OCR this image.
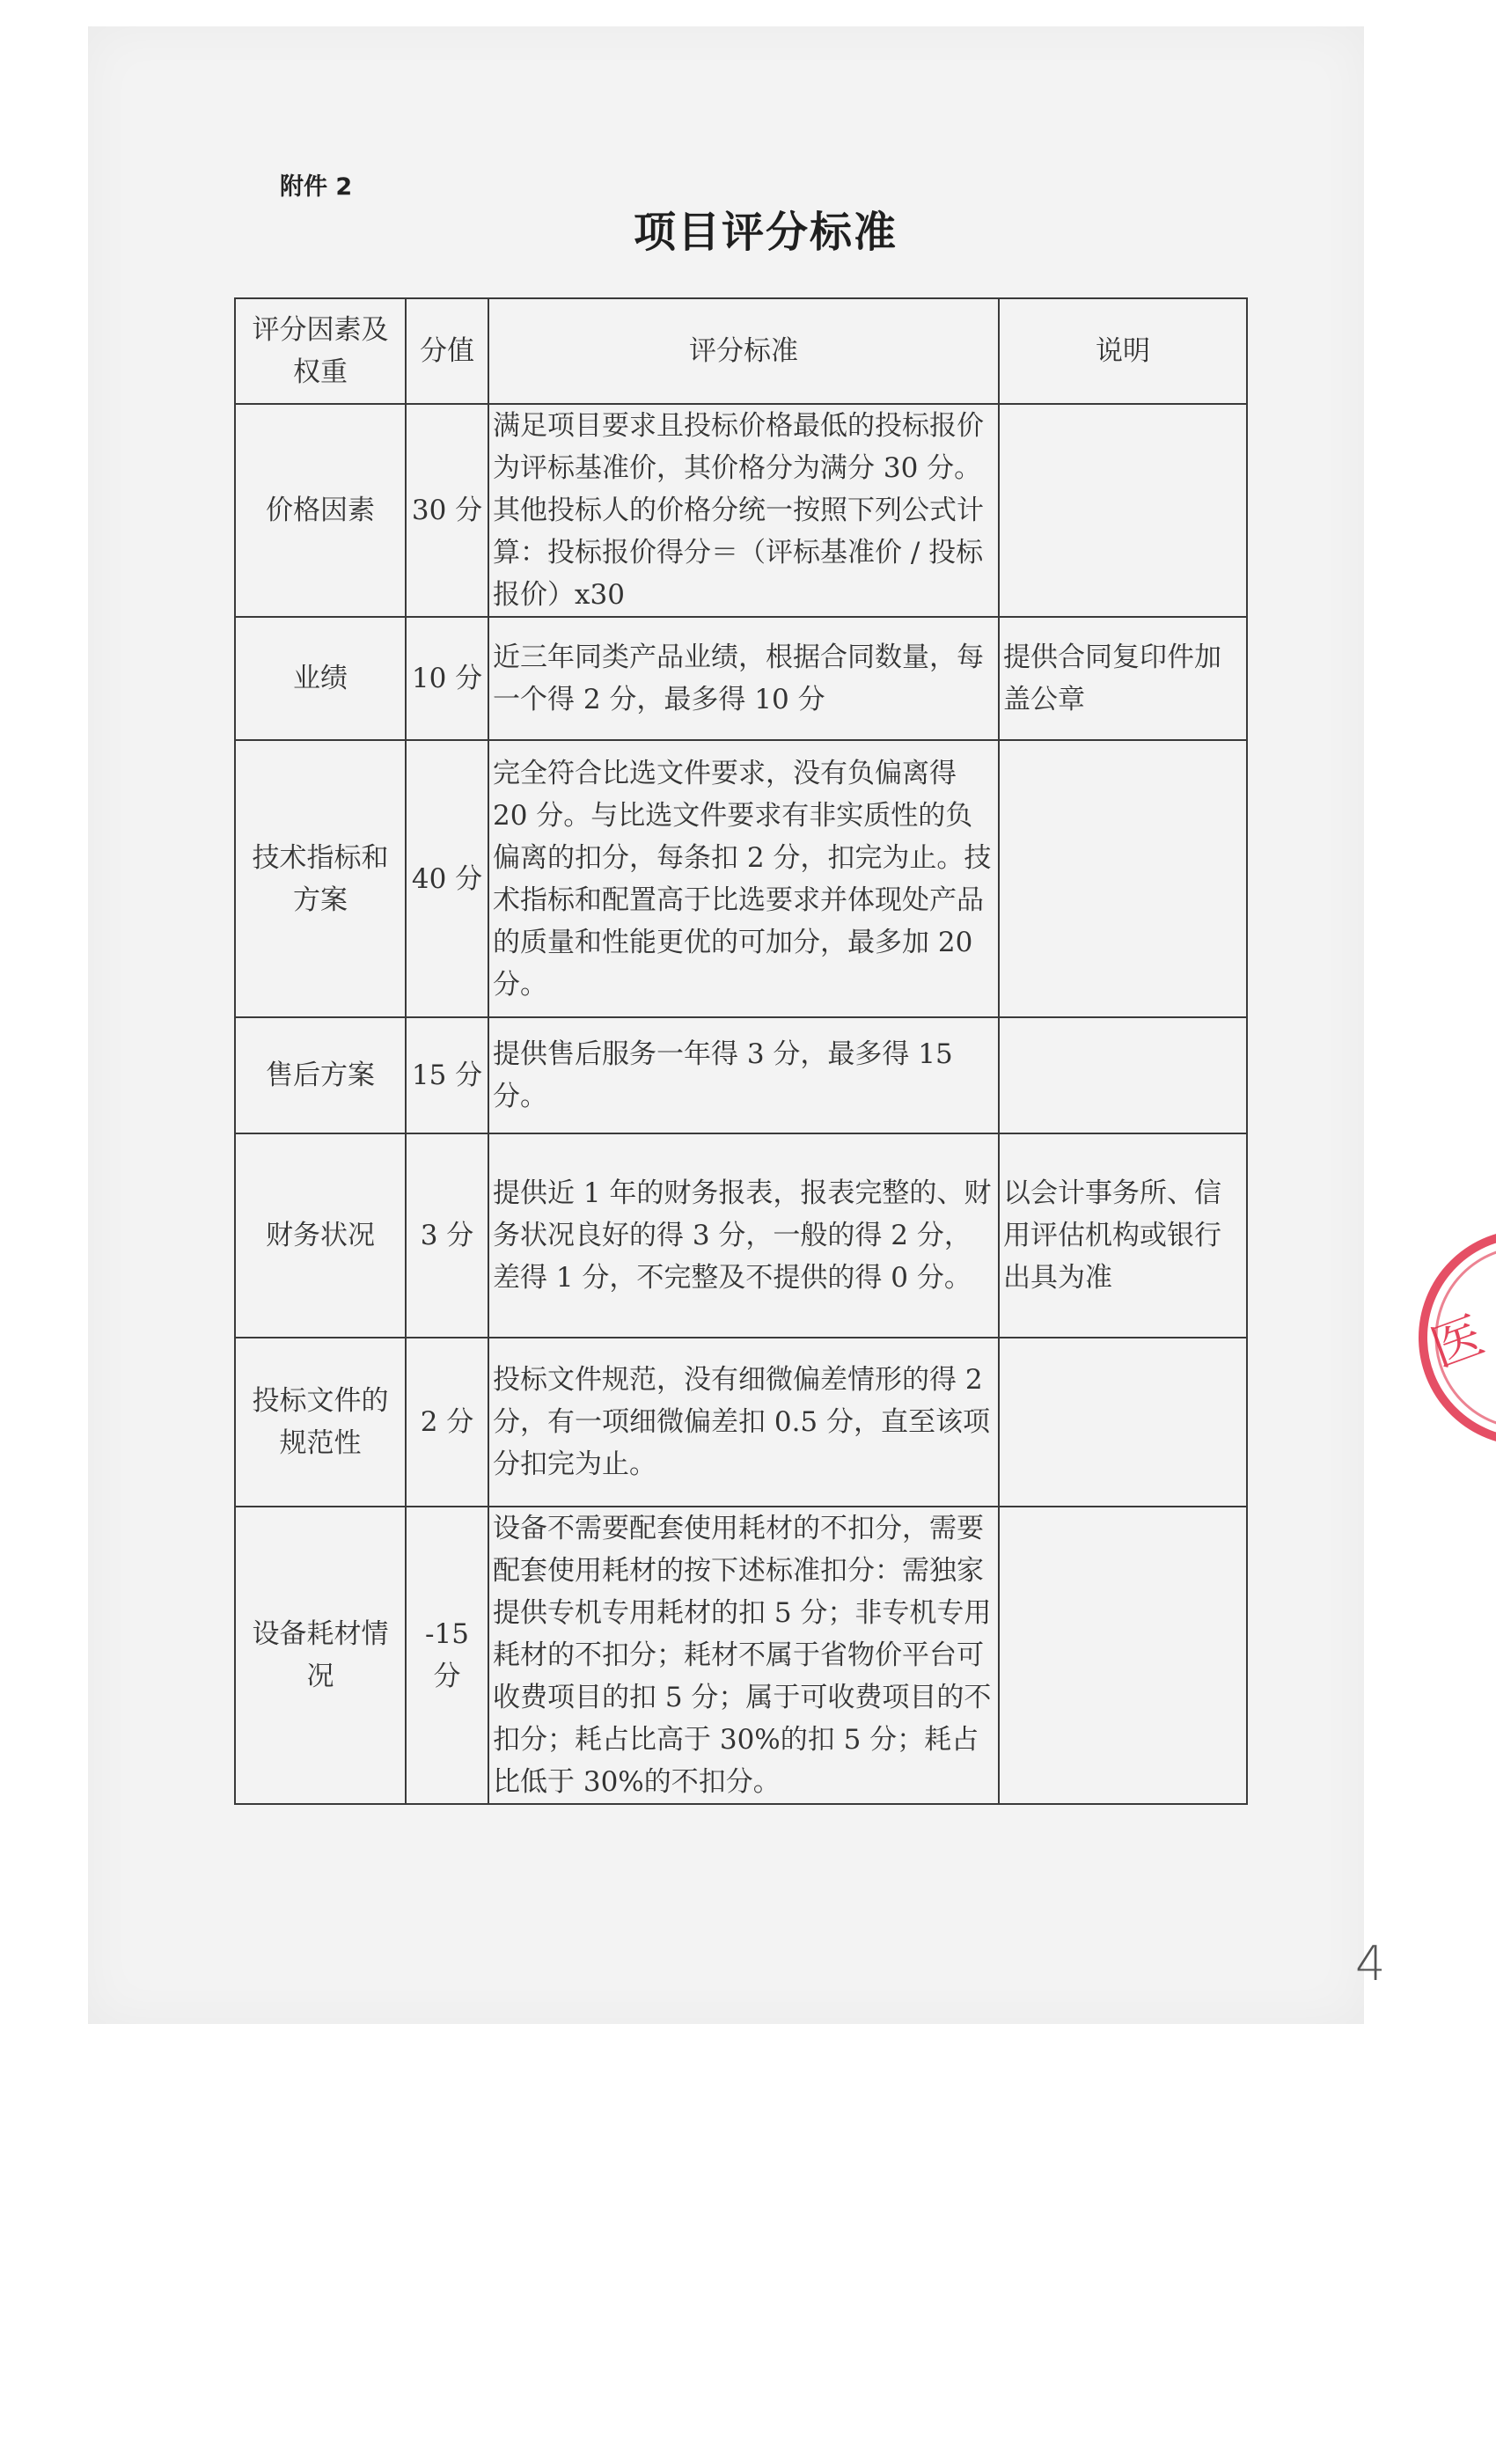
附件 2
项目评分标准
评分因素及权重	分值	评分标准	说明
价格因素	30 分	满足项目要求且投标价格最低的投标报价为评标基准价，其价格分为满分 30 分。其他投标人的价格分统一按照下列公式计算：投标报价得分＝（评标基准价 / 投标报价）x30	
业绩	10 分	近三年同类产品业绩，根据合同数量，每一个得 2 分，最多得 10 分	提供合同复印件加盖公章
技术指标和方案	40 分	完全符合比选文件要求，没有负偏离得 20 分。与比选文件要求有非实质性的负偏离的扣分，每条扣 2 分，扣完为止。技术指标和配置高于比选要求并体现处产品的质量和性能更优的可加分，最多加 20 分。	
售后方案	15 分	提供售后服务一年得 3 分，最多得 15 分。	
财务状况	3 分	提供近 1 年的财务报表，报表完整的、财务状况良好的得 3 分，一般的得 2 分，差得 1 分，不完整及不提供的得 0 分。	以会计事务所、信用评估机构或银行出具为准
投标文件的规范性	2 分	投标文件规范，没有细微偏差情形的得 2 分，有一项细微偏差扣 0.5 分，直至该项分扣完为止。	
设备耗材情况	-15 分	设备不需要配套使用耗材的不扣分，需要配套使用耗材的按下述标准扣分：需独家提供专机专用耗材的扣 5 分；非专机专用耗材的不扣分；耗材不属于省物价平台可收费项目的扣 5 分；属于可收费项目的不扣分；耗占比高于 30%的扣 5 分；耗占比低于 30%的不扣分。	
医
4
